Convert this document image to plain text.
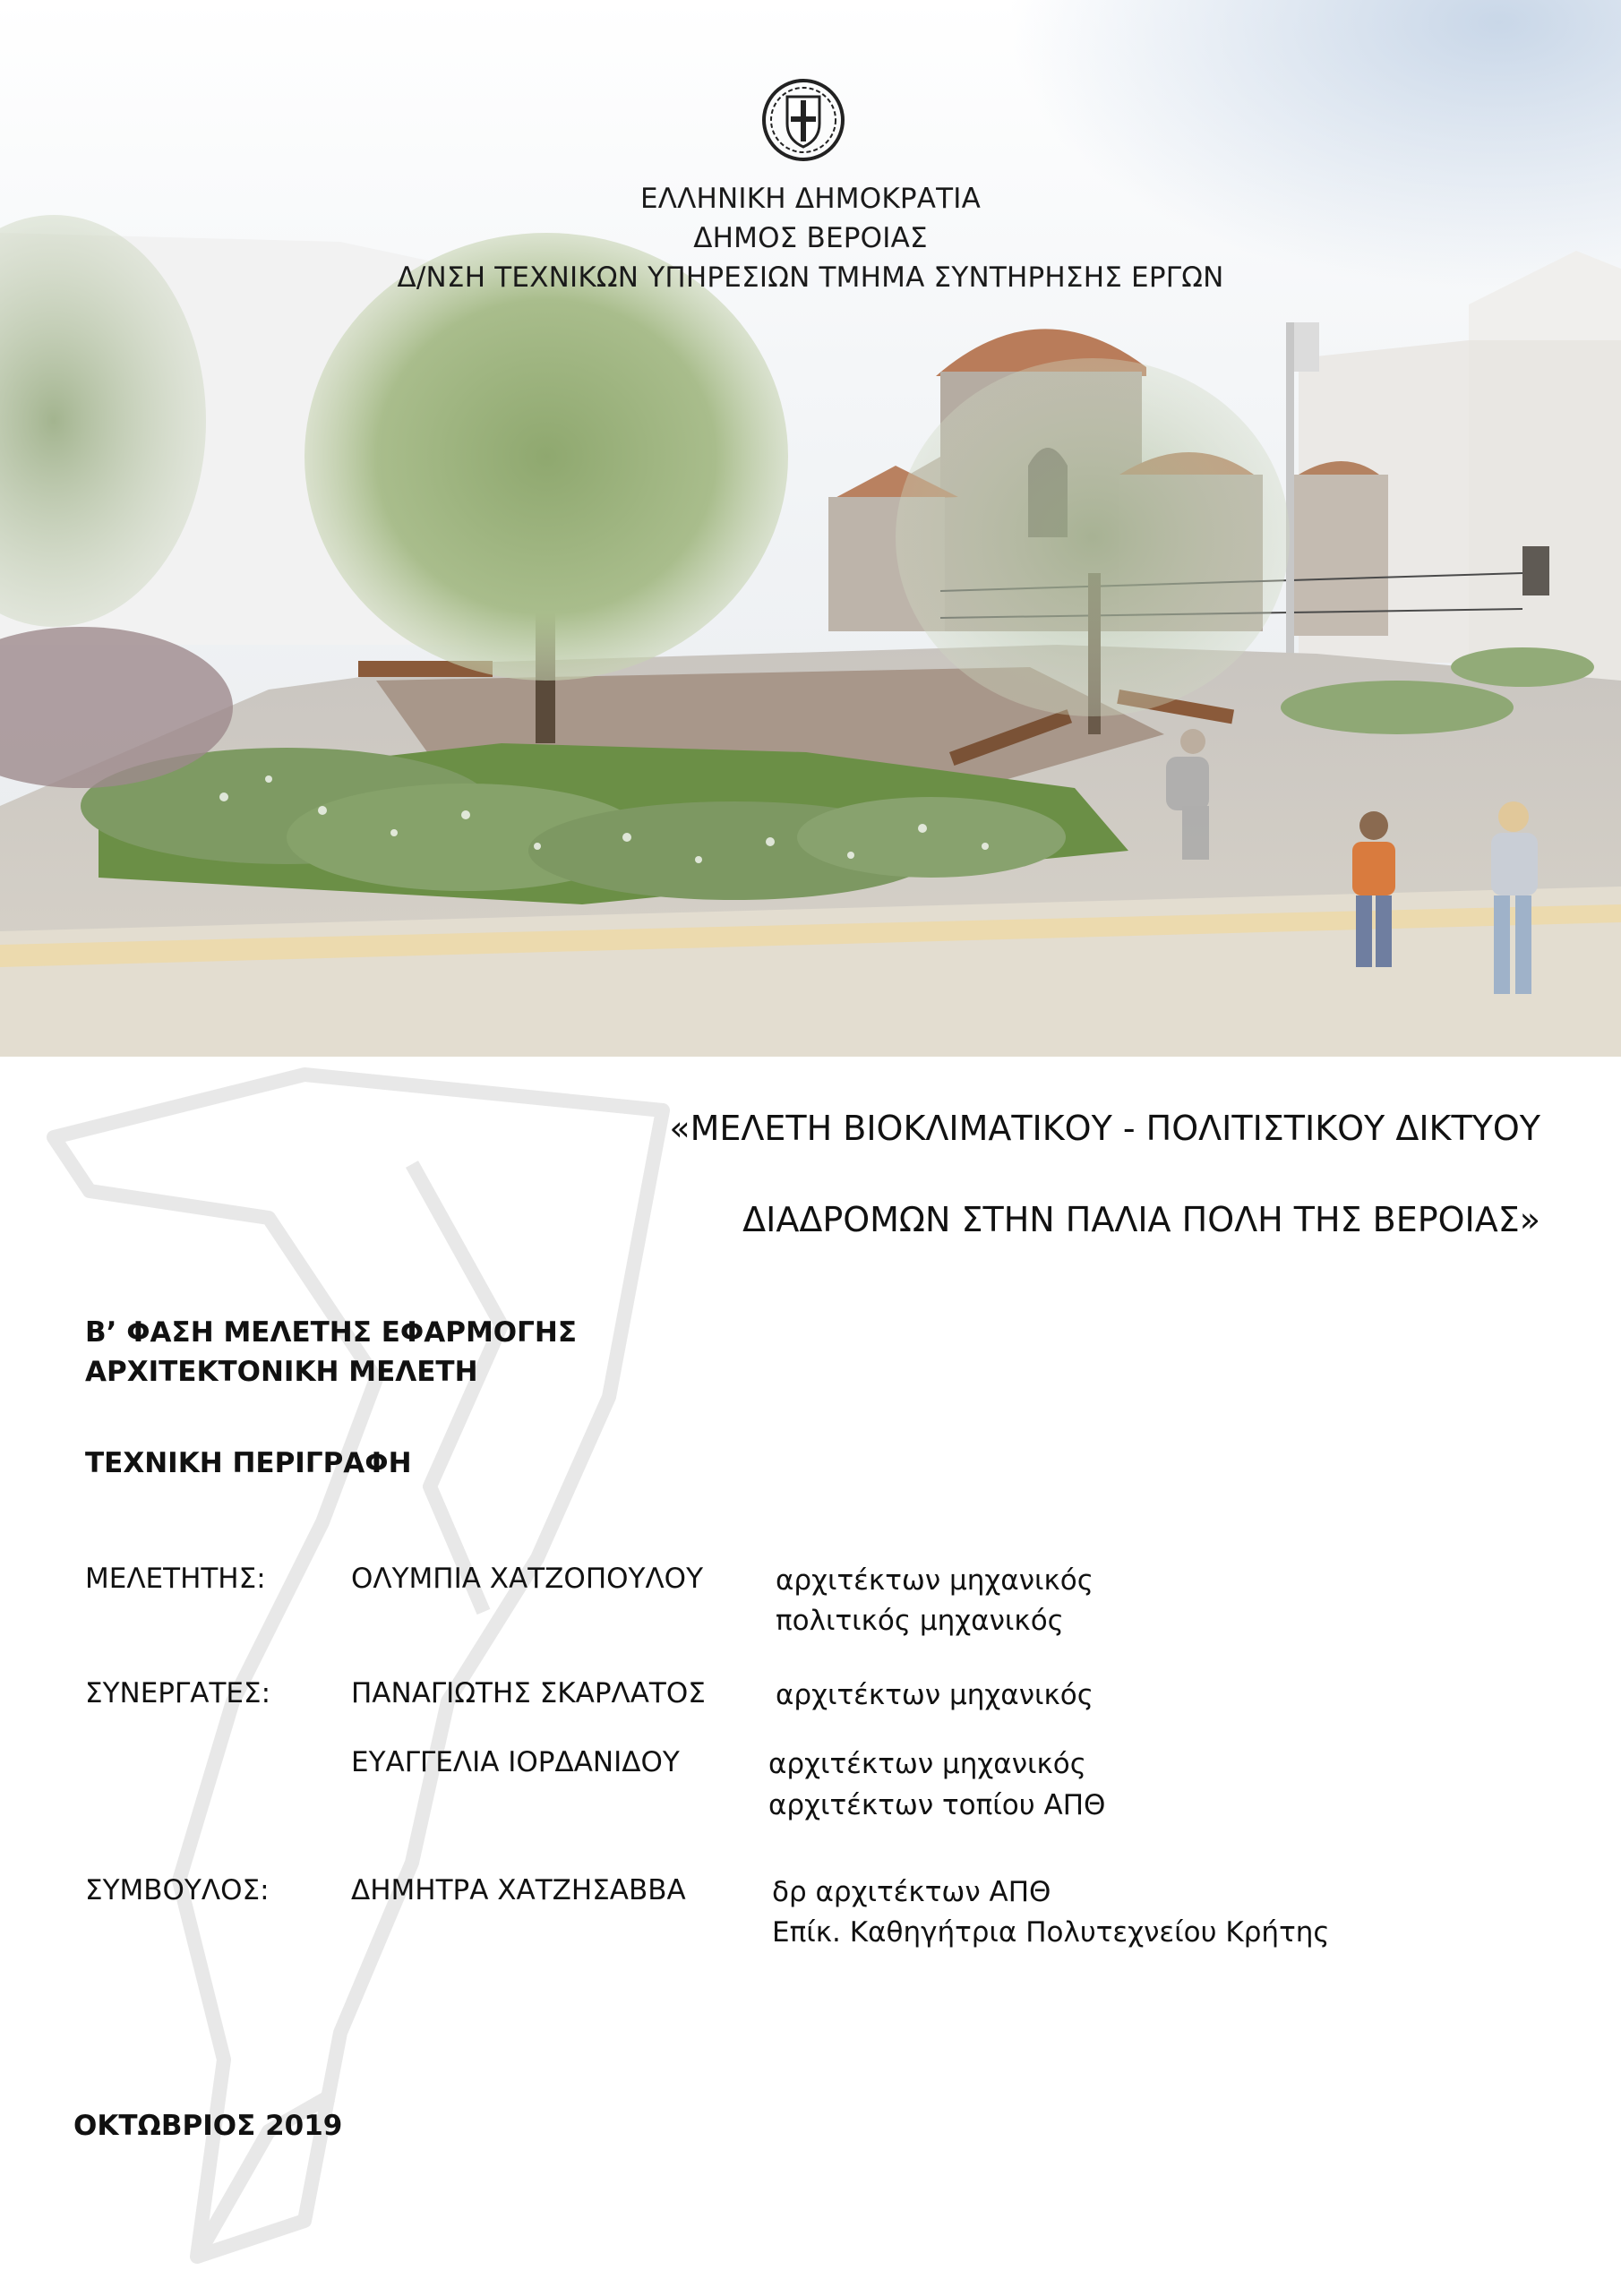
ΕΛΛΗΝΙΚΗ ΔΗΜΟΚΡΑΤΙΑ
ΔΗΜΟΣ ΒΕΡΟΙΑΣ
Δ/ΝΣΗ ΤΕΧΝΙΚΩΝ ΥΠΗΡΕΣΙΩΝ ΤΜΗΜΑ ΣΥΝΤΗΡΗΣΗΣ ΕΡΓΩΝ
«ΜΕΛΕΤΗ ΒΙΟΚΛΙΜΑΤΙΚΟΥ - ΠΟΛΙΤΙΣΤΙΚΟΥ ΔΙΚΤΥΟΥ
ΔΙΑΔΡΟΜΩΝ ΣΤΗΝ ΠΑΛΙΑ ΠΟΛΗ ΤΗΣ ΒΕΡΟΙΑΣ»
Β’ ΦΑΣΗ ΜΕΛΕΤΗΣ ΕΦΑΡΜΟΓΗΣ
ΑΡΧΙΤΕΚΤΟΝΙΚΗ ΜΕΛΕΤΗ
ΤΕΧΝΙΚΗ ΠΕΡΙΓΡΑΦΗ
ΜΕΛΕΤΗΤΗΣ:	ΟΛΥΜΠΙΑ ΧΑΤΖΟΠΟΥΛΟΥ	αρχιτέκτων μηχανικός
πολιτικός μηχανικός
ΣΥΝΕΡΓΑΤΕΣ:	ΠΑΝΑΓΙΩΤΗΣ ΣΚΑΡΛΑΤΟΣ	αρχιτέκτων μηχανικός
ΕΥΑΓΓΕΛΙΑ ΙΟΡΔΑΝΙΔΟΥ	αρχιτέκτων μηχανικός
αρχιτέκτων τοπίου ΑΠΘ
ΣΥΜΒΟΥΛΟΣ:	ΔΗΜΗΤΡΑ ΧΑΤΖΗΣΑΒΒΑ	δρ αρχιτέκτων ΑΠΘ
Επίκ. Καθηγήτρια Πολυτεχνείου Κρήτης
ΟΚΤΩΒΡΙΟΣ 2019
